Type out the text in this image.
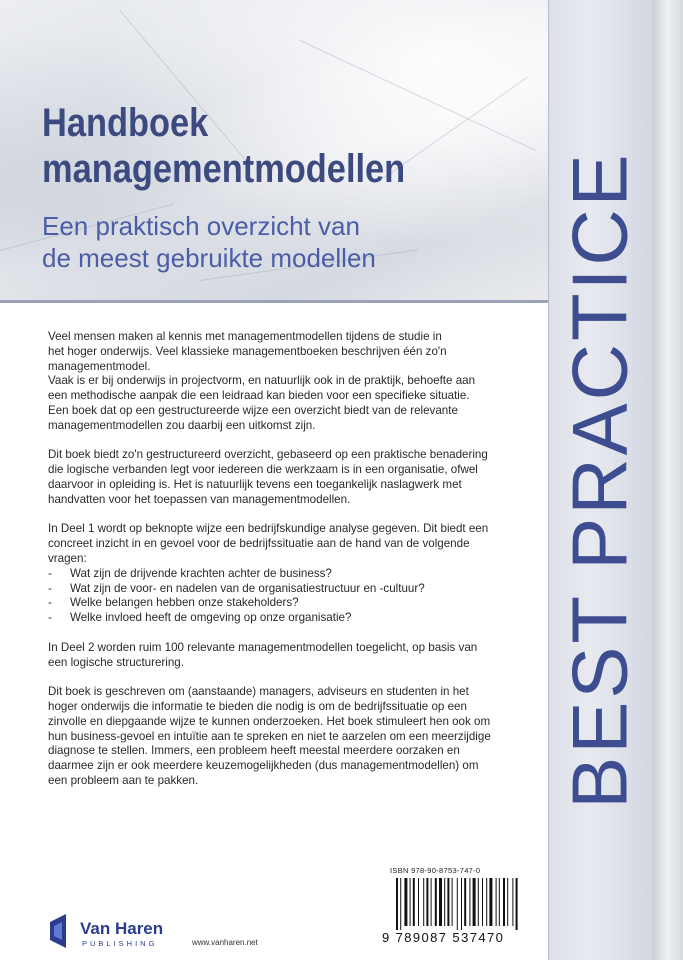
Handboek
managementmodellen
Een praktisch overzicht van
de meest gebruikte modellen BEST PRACTICE

Veel mensen maken al kennis met managementmodellen tijdens de studie in
het hoger onderwijs. Veel klassieke managementboeken beschrijven één zo'n
managementmodel.
Vaak is er bij onderwijs in projectvorm, en natuurlijk ook in de praktijk, behoefte aan
een methodische aanpak die een leidraad kan bieden voor een specifieke situatie.
Een boek dat op een gestructureerde wijze een overzicht biedt van de relevante
managementmodellen zou daarbij een uitkomst zijn.

Dit boek biedt zo'n gestructureerd overzicht, gebaseerd op een praktische benadering
die logische verbanden legt voor iedereen die werkzaam is in een organisatie, ofwel
daarvoor in opleiding is. Het is natuurlijk tevens een toegankelijk naslagwerk met
handvatten voor het toepassen van managementmodellen.

In Deel 1 wordt op beknopte wijze een bedrijfskundige analyse gegeven. Dit biedt een
concreet inzicht in en gevoel voor de bedrijfssituatie aan de hand van de volgende
vragen:

- Wat zijn de drijvende krachten achter de business?
- Wat zijn de voor- en nadelen van de organisatiestructuur en -cultuur?
- Welke belangen hebben onze stakeholders?
- Welke invloed heeft de omgeving op onze organisatie?

In Deel 2 worden ruim 100 relevante managementmodellen toegelicht, op basis van
een logische structurering.

Dit boek is geschreven om (aanstaande) managers, adviseurs en studenten in het
hoger onderwijs die informatie te bieden die nodig is om de bedrijfssituatie op een
zinvolle en diepgaande wijze te kunnen onderzoeken. Het boek stimuleert hen ook om
hun business-gevoel en intuïtie aan te spreken en niet te aarzelen om een meerzijdige
diagnose te stellen. Immers, een probleem heeft meestal meerdere oorzaken en
daarmee zijn er ook meerdere keuzemogelijkheden (dus managementmodellen) om
een probleem aan te pakken.

ISBN 978-90-8753-747-0
9 789087 537470
Van Haren
PUBLISHING	www.vanharen.net
